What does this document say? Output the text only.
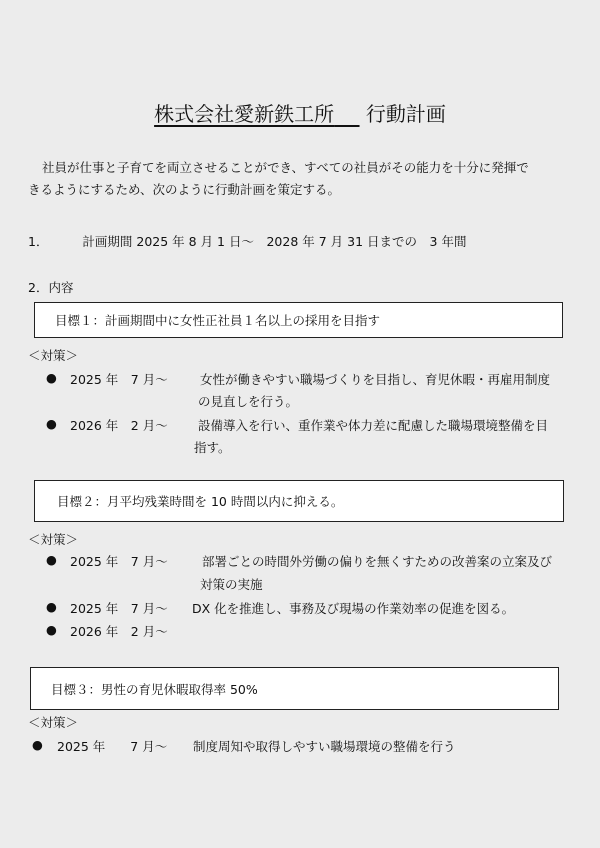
株式会社愛新鉄工所 行動計画

社員が仕事と子育てを両立させることができ、すべての社員がその能力を十分に発揮で

きるようにするため、次のように行動計画を策定する。

1．	計画期間 2025 年 8 月 1 日～　2028 年 7 月 31 日までの　3 年間
2．内容
目標１：計画期間中に女性正社員１名以上の採用を目指す
＜対策＞
●	2025 年　7 月～	女性が働きやすい職場づくりを目指し、育児休暇・再雇用制度
の見直しを行う。
●	2026 年　2 月～	設備導入を行い、重作業や体力差に配慮した職場環境整備を目
指す。
目標２：月平均残業時間を 10 時間以内に抑える。
＜対策＞
●	2025 年　7 月～	部署ごとの時間外労働の偏りを無くすための改善案の立案及び
対策の実施
●	2025 年　7 月～	DX 化を推進し、事務及び現場の作業効率の促進を図る。
●	2026 年　2 月～
目標３：男性の育児休暇取得率 50%
＜対策＞
●	2025 年　　7 月～	制度周知や取得しやすい職場環境の整備を行う
